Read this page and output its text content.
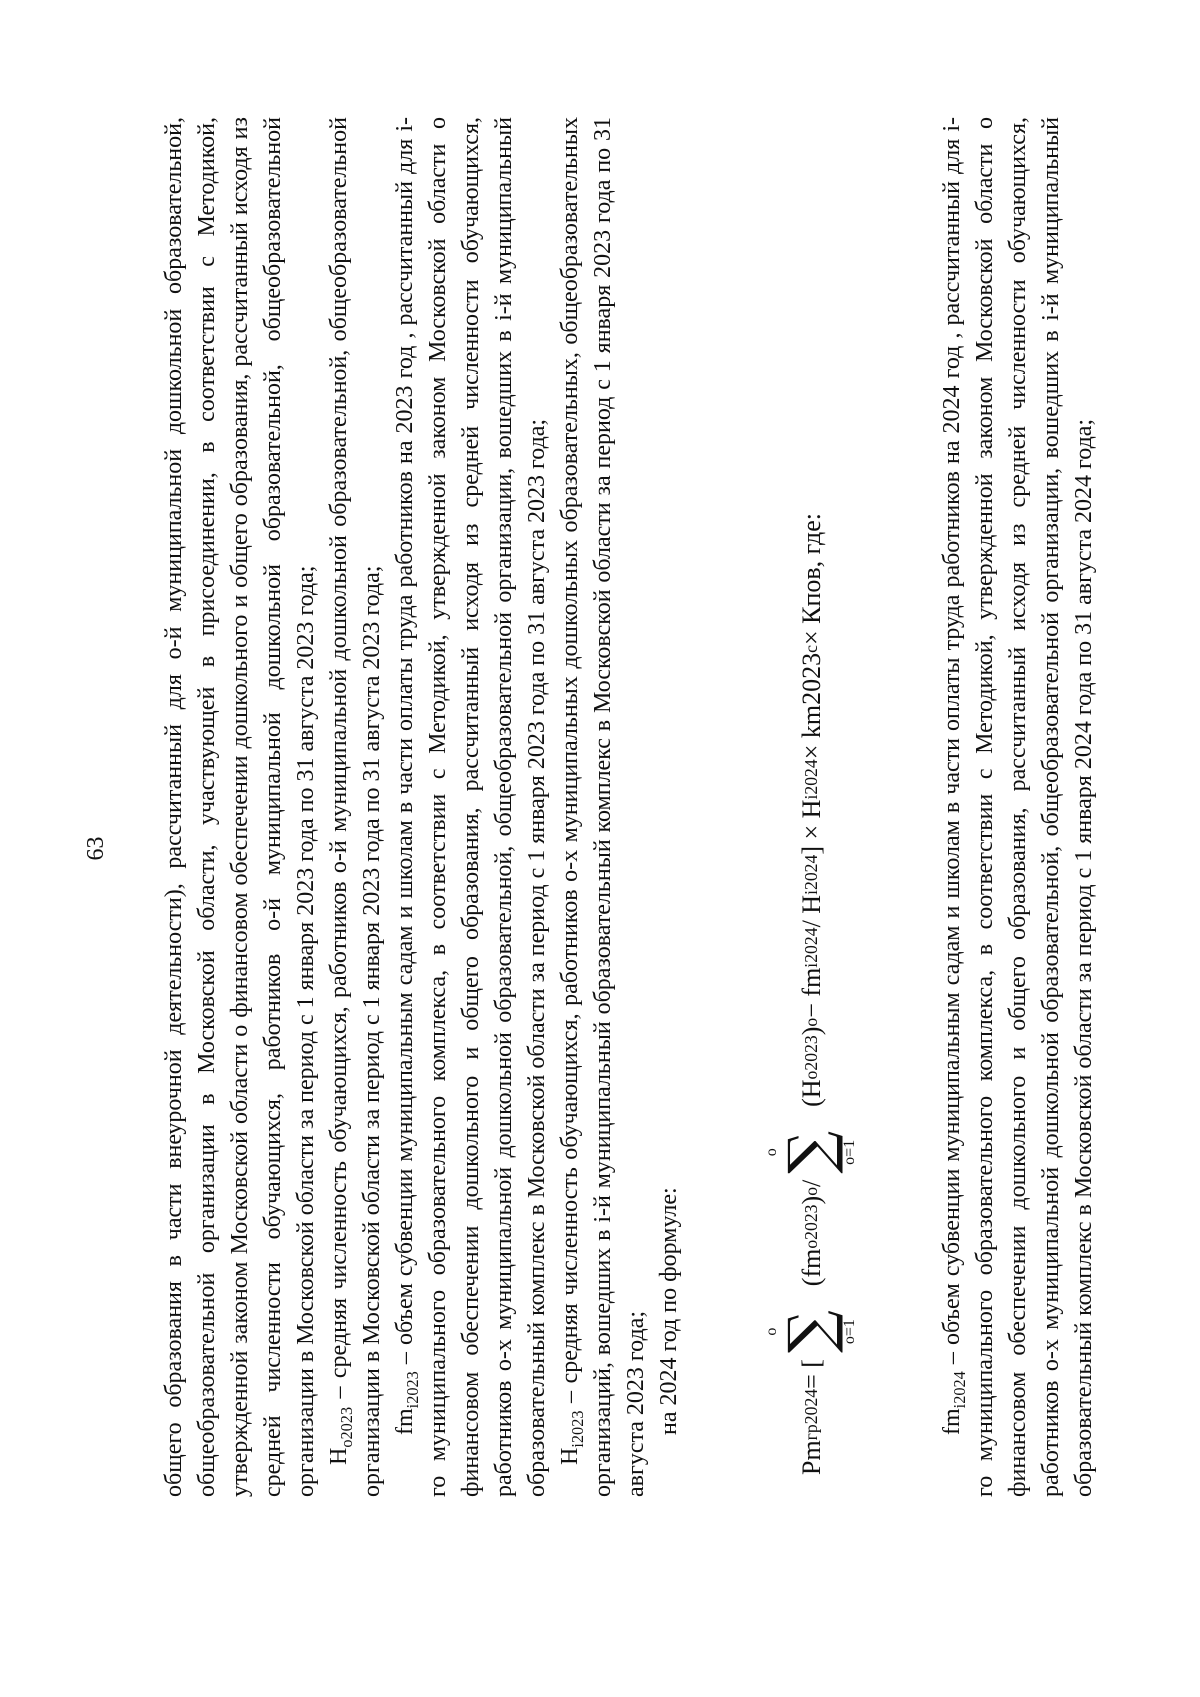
63 общего образования в части внеурочной деятельности), рассчитанный для о-й муниципальной дошкольной образовательной, общеобразовательной организации в Московской области, участвующей в присоединении, в соответствии с Методикой, утвержденной законом Московской области о финансовом обеспечении дошкольного и общего образования, рассчитанный исходя из средней численности обучающихся, работников о-й муниципальной дошкольной образовательной, общеобразовательной организации в Московской области за период с 1 января 2023 года по 31 августа 2023 года; $Н_{о2023}$ – средняя численность обучающихся, работников о-й муниципальной дошкольной образовательной, общеобразовательной организации в Московской области за период с 1 января 2023 года по 31 августа 2023 года; $fm_{i2023}$ – объем субвенции муниципальным садам и школам в части оплаты труда работников на 2023 год , рассчитанный для i-го муниципального образовательного комплекса, в соответствии с Методикой, утвержденной законом Московской области о финансовом обеспечении дошкольного и общего образования, рассчитанный исходя из средней численности обучающихся, работников о-х муниципальной дошкольной образовательной, общеобразовательной организации, вошедших в i-й муниципальный образовательный комплекс в Московской области за период с 1 января 2023 года по 31 августа 2023 года; $Н_{i2023}$ – средняя численность обучающихся, работников о-х муниципальных дошкольных образовательных, общеобразовательных организаций, вошедших в i-й муниципальный образовательный комплекс в Московской области за период с 1 января 2023 года по 31 августа 2023 года; на 2024 год по формуле:

Pm
гр2024
= [
о
∑
о=1
(fm
о2023
)
о
/
о
∑
о=1
(Н
о2023
)
о
− fm
i2024
/ Н
i2024
] × Н
i2024
× km2023
c
× Кпов, где:

$fm_{i2024}$ – объем субвенции муниципальным садам и школам в части оплаты труда работников на 2024 год , рассчитанный для i-го муниципального образовательного комплекса, в соответствии с Методикой, утвержденной законом Московской области о финансовом обеспечении дошкольного и общего образования, рассчитанный исходя из средней численности обучающихся, работников о-х муниципальной дошкольной образовательной, общеобразовательной организации, вошедших в i-й муниципальный образовательный комплекс в Московской области за период с 1 января 2024 года по 31 августа 2024 года;
